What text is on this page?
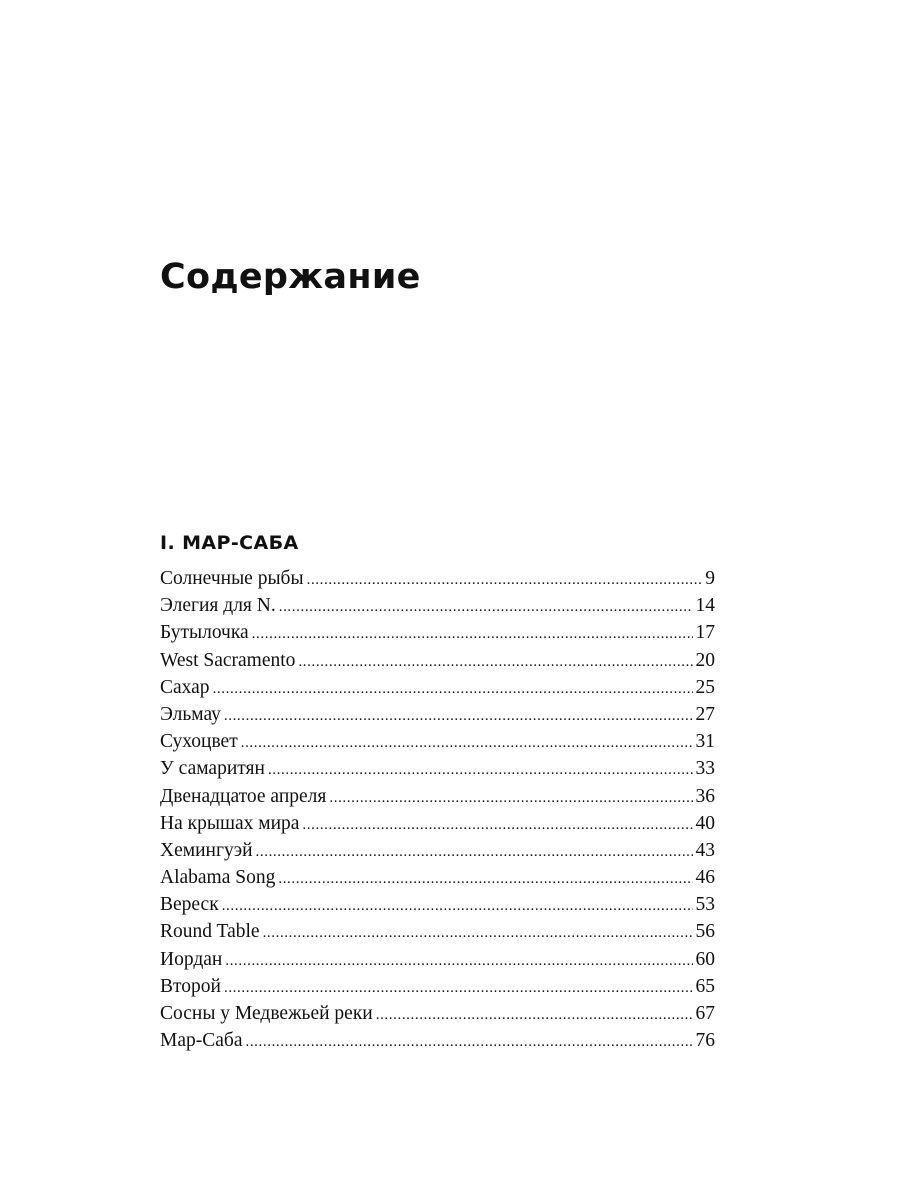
Содержание
I. МАР-САБА
Солнечные рыбы .....	9
Элегия для N. .....	14
Бутылочка .....	17
West Sacramento .....	20
Сахар .....	25
Эльмау .....	27
Сухоцвет .....	31
У самаритян .....	33
Двенадцатое апреля .....	36
На крышах мира .....	40
Хемингуэй .....	43
Alabama Song .....	46
Вереск .....	53
Round Table .....	56
Иордан .....	60
Второй .....	65
Сосны у Медвежьей реки .....	67
Мар-Саба .....	76
